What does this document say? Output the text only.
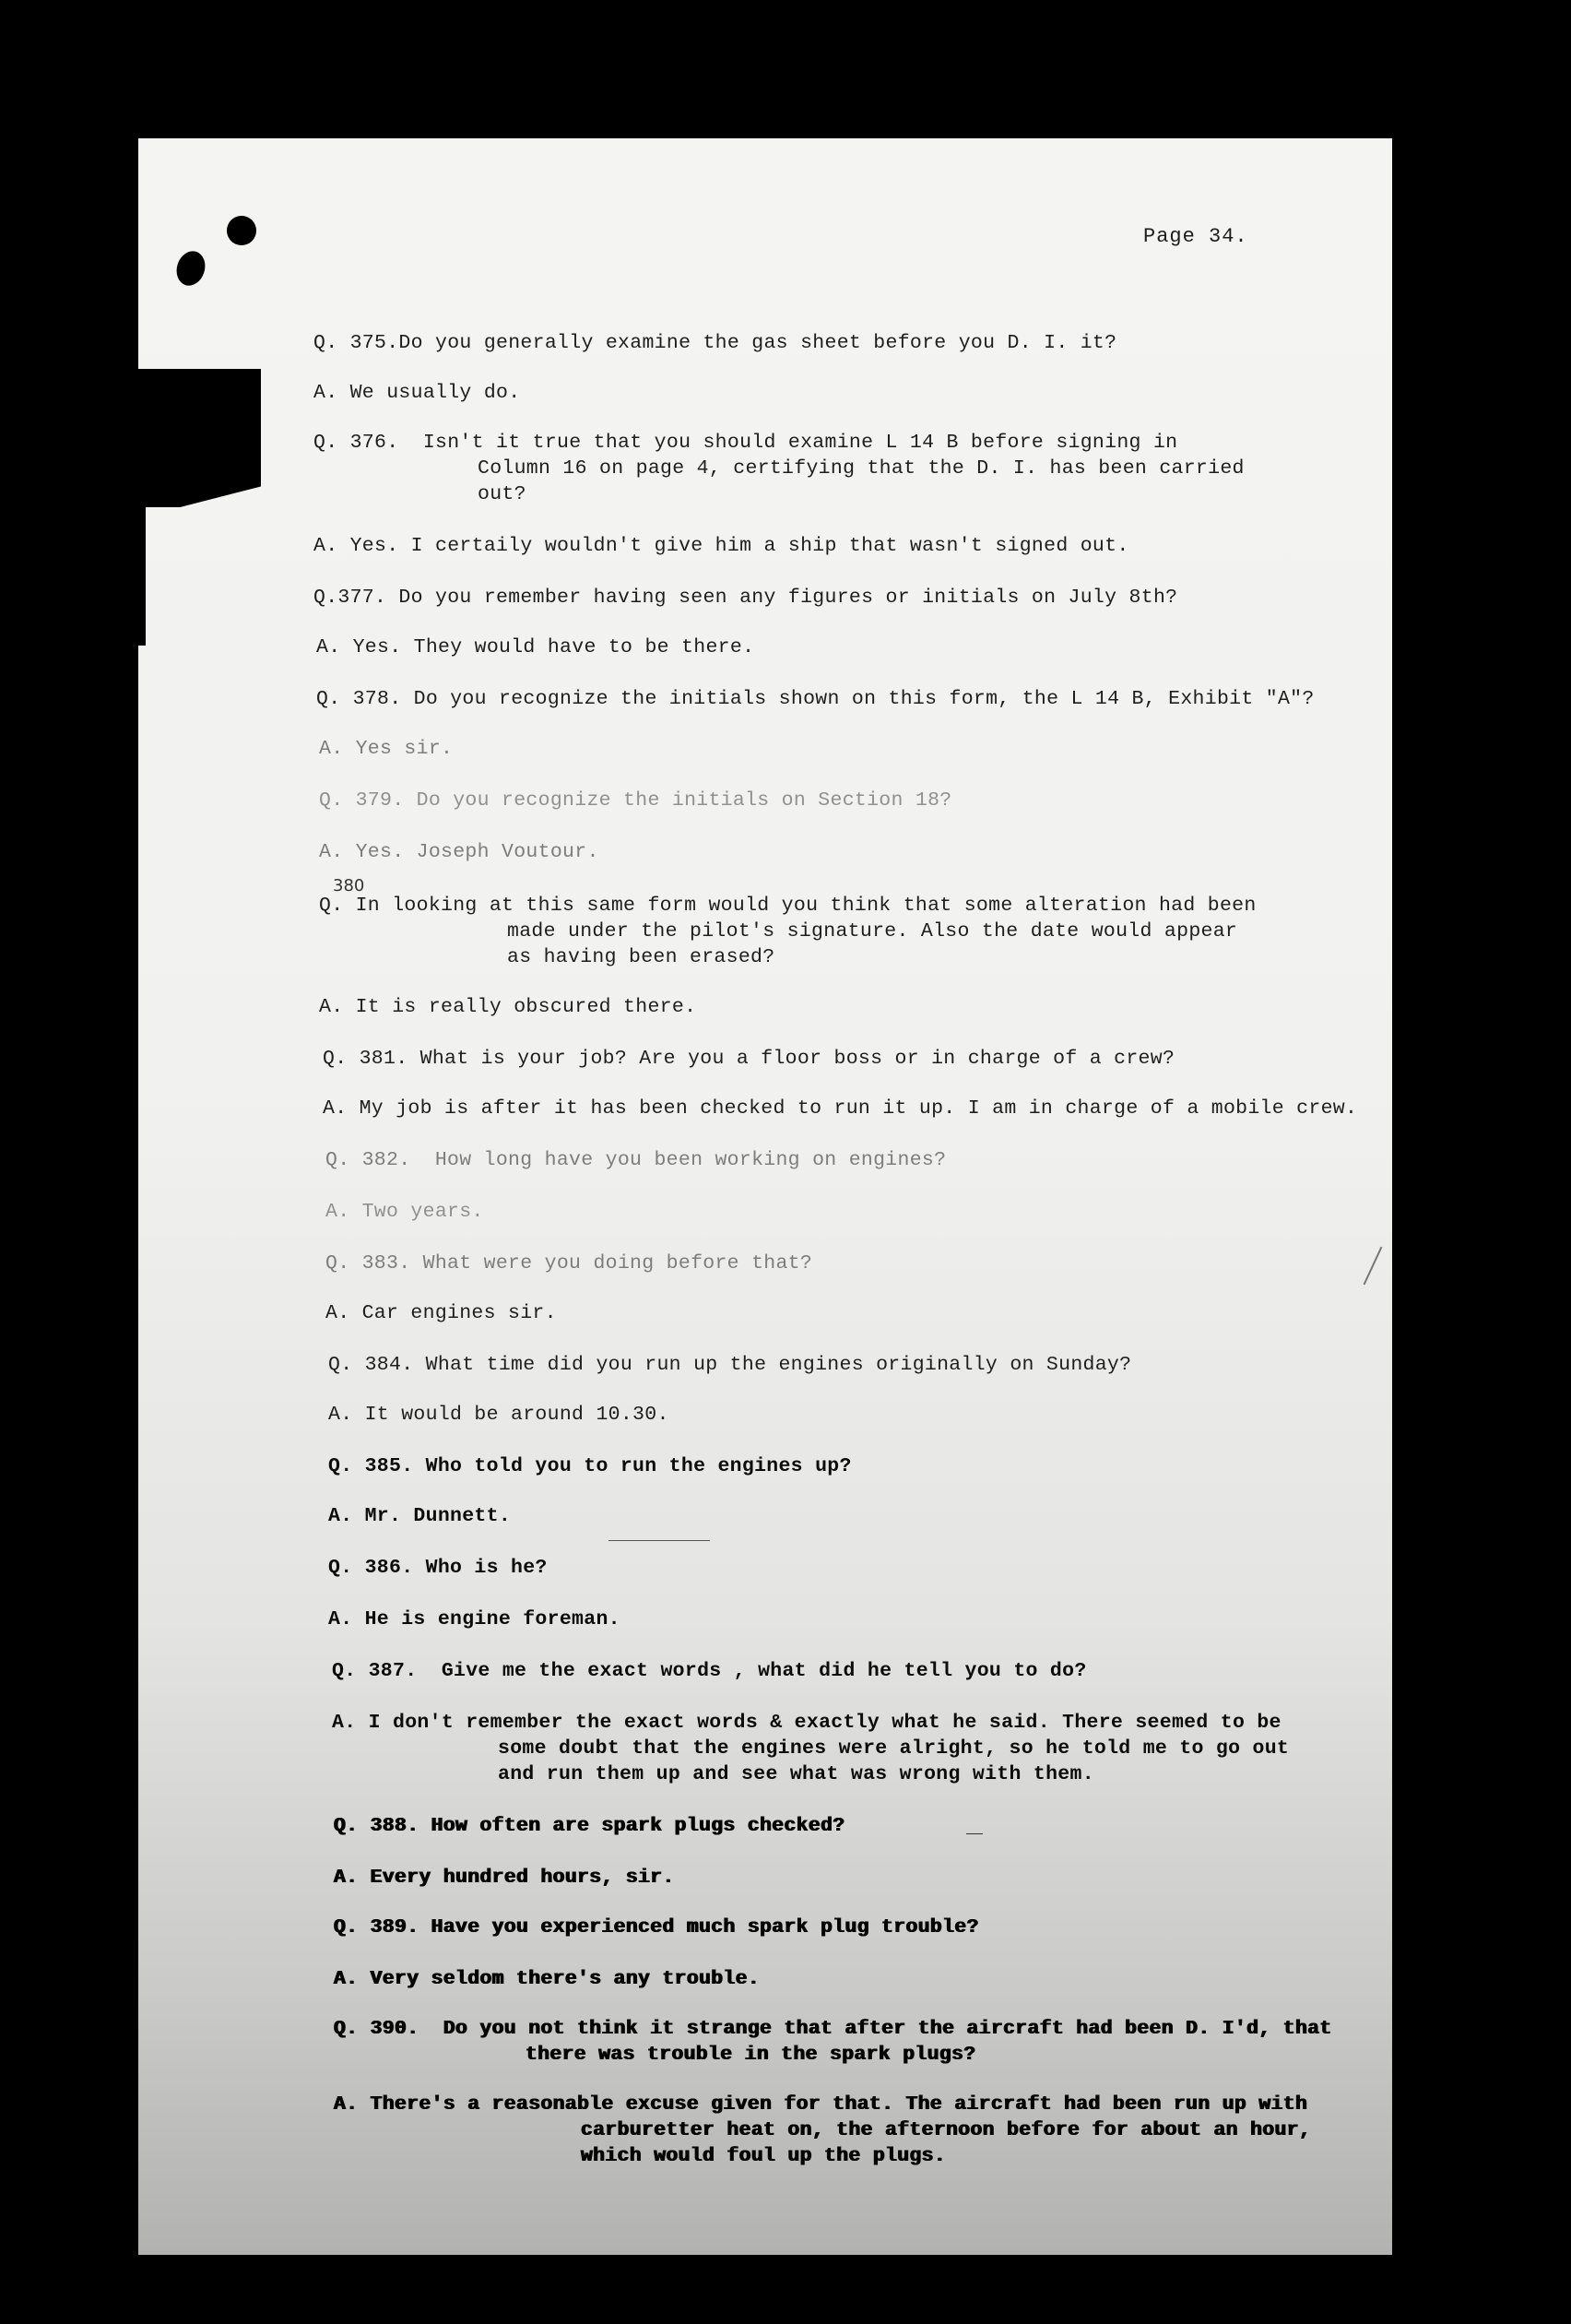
Page 34.
Q. 375.Do you generally examine the gas sheet before you D. I. it?
A. We usually do.
Q. 376.  Isn't it true that you should examine L 14 B before signing in
Column 16 on page 4, certifying that the D. I. has been carried
out?
A. Yes. I certaily wouldn't give him a ship that wasn't signed out.
Q.377. Do you remember having seen any figures or initials on July 8th?
A. Yes. They would have to be there.
Q. 378. Do you recognize the initials shown on this form, the L 14 B, Exhibit "A"?
A. Yes sir.
Q. 379. Do you recognize the initials on Section 18?
A. Yes. Joseph Voutour.
380
Q. In looking at this same form would you think that some alteration had been
made under the pilot's signature. Also the date would appear
as having been erased?
A. It is really obscured there.
Q. 381. What is your job? Are you a floor boss or in charge of a crew?
A. My job is after it has been checked to run it up. I am in charge of a mobile crew.
Q. 382.  How long have you been working on engines?
A. Two years.
Q. 383. What were you doing before that?
A. Car engines sir.
Q. 384. What time did you run up the engines originally on Sunday?
A. It would be around 10.30.
Q. 385. Who told you to run the engines up?
A. Mr. Dunnett.
Q. 386. Who is he?
A. He is engine foreman.
Q. 387.  Give me the exact words , what did he tell you to do?
A. I don't remember the exact words & exactly what he said. There seemed to be
some doubt that the engines were alright, so he told me to go out
and run them up and see what was wrong with them.
Q. 388. How often are spark plugs checked?
A. Every hundred hours, sir.
Q. 389. Have you experienced much spark plug trouble?
A. Very seldom there's any trouble.
Q. 390.  Do you not think it strange that after the aircraft had been D. I'd, that
there was trouble in the spark plugs?
A. There's a reasonable excuse given for that. The aircraft had been run up with
carburetter heat on, the afternoon before for about an hour,
which would foul up the plugs.
